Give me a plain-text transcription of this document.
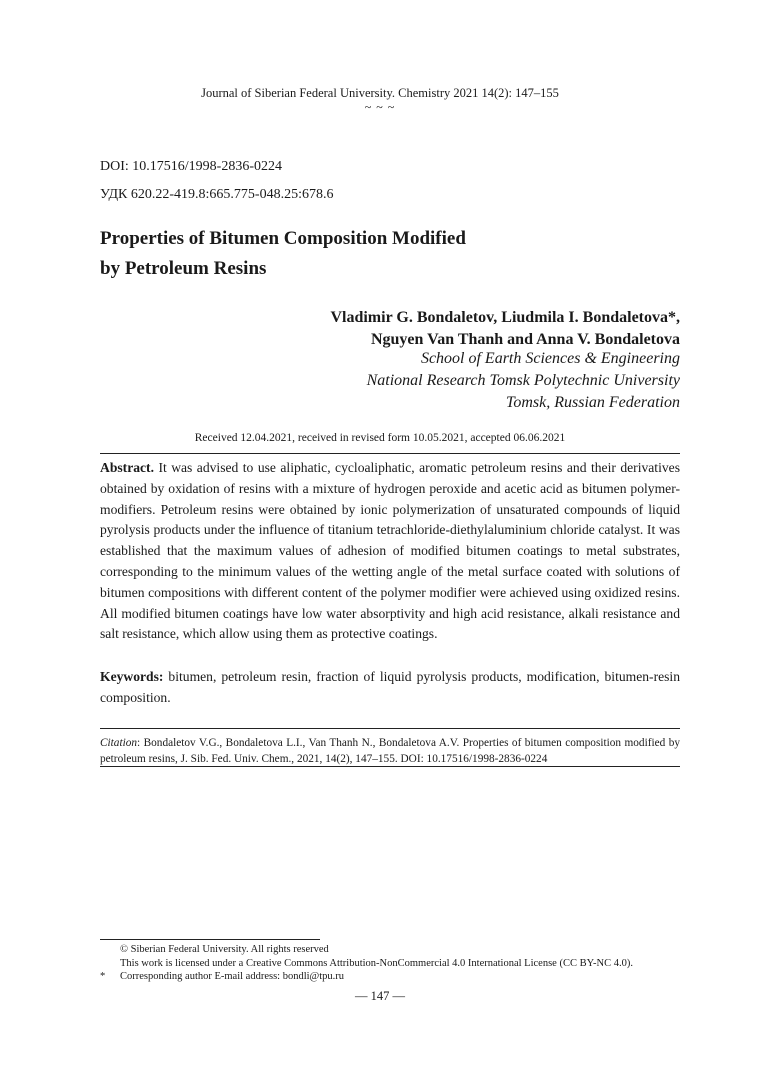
Journal of Siberian Federal University. Chemistry 2021 14(2): 147–155
~ ~ ~
DOI: 10.17516/1998-2836-0224
УДК 620.22-419.8:665.775-048.25:678.6
Properties of Bitumen Composition Modified
by Petroleum Resins
Vladimir G. Bondaletov, Liudmila I. Bondaletova*,
Nguyen Van Thanh and Anna V. Bondaletova
School of Earth Sciences & Engineering
National Research Tomsk Polytechnic University
Tomsk, Russian Federation
Received 12.04.2021, received in revised form 10.05.2021, accepted 06.06.2021
Abstract. It was advised to use aliphatic, cycloaliphatic, aromatic petroleum resins and their derivatives obtained by oxidation of resins with a mixture of hydrogen peroxide and acetic acid as bitumen polymer-modifiers. Petroleum resins were obtained by ionic polymerization of unsaturated compounds of liquid pyrolysis products under the influence of titanium tetrachloride-diethylaluminium chloride catalyst. It was established that the maximum values of adhesion of modified bitumen coatings to metal substrates, corresponding to the minimum values of the wetting angle of the metal surface coated with solutions of bitumen compositions with different content of the polymer modifier were achieved using oxidized resins. All modified bitumen coatings have low water absorptivity and high acid resistance, alkali resistance and salt resistance, which allow using them as protective coatings.
Keywords: bitumen, petroleum resin, fraction of liquid pyrolysis products, modification, bitumen-resin composition.
Citation: Bondaletov V.G., Bondaletova L.I., Van Thanh N., Bondaletova A.V. Properties of bitumen composition modified by petroleum resins, J. Sib. Fed. Univ. Chem., 2021, 14(2), 147–155. DOI: 10.17516/1998-2836-0224
© Siberian Federal University. All rights reserved
This work is licensed under a Creative Commons Attribution-NonCommercial 4.0 International License (CC BY-NC 4.0).
*	Corresponding author E-mail address: bondli@tpu.ru
— 147 —
